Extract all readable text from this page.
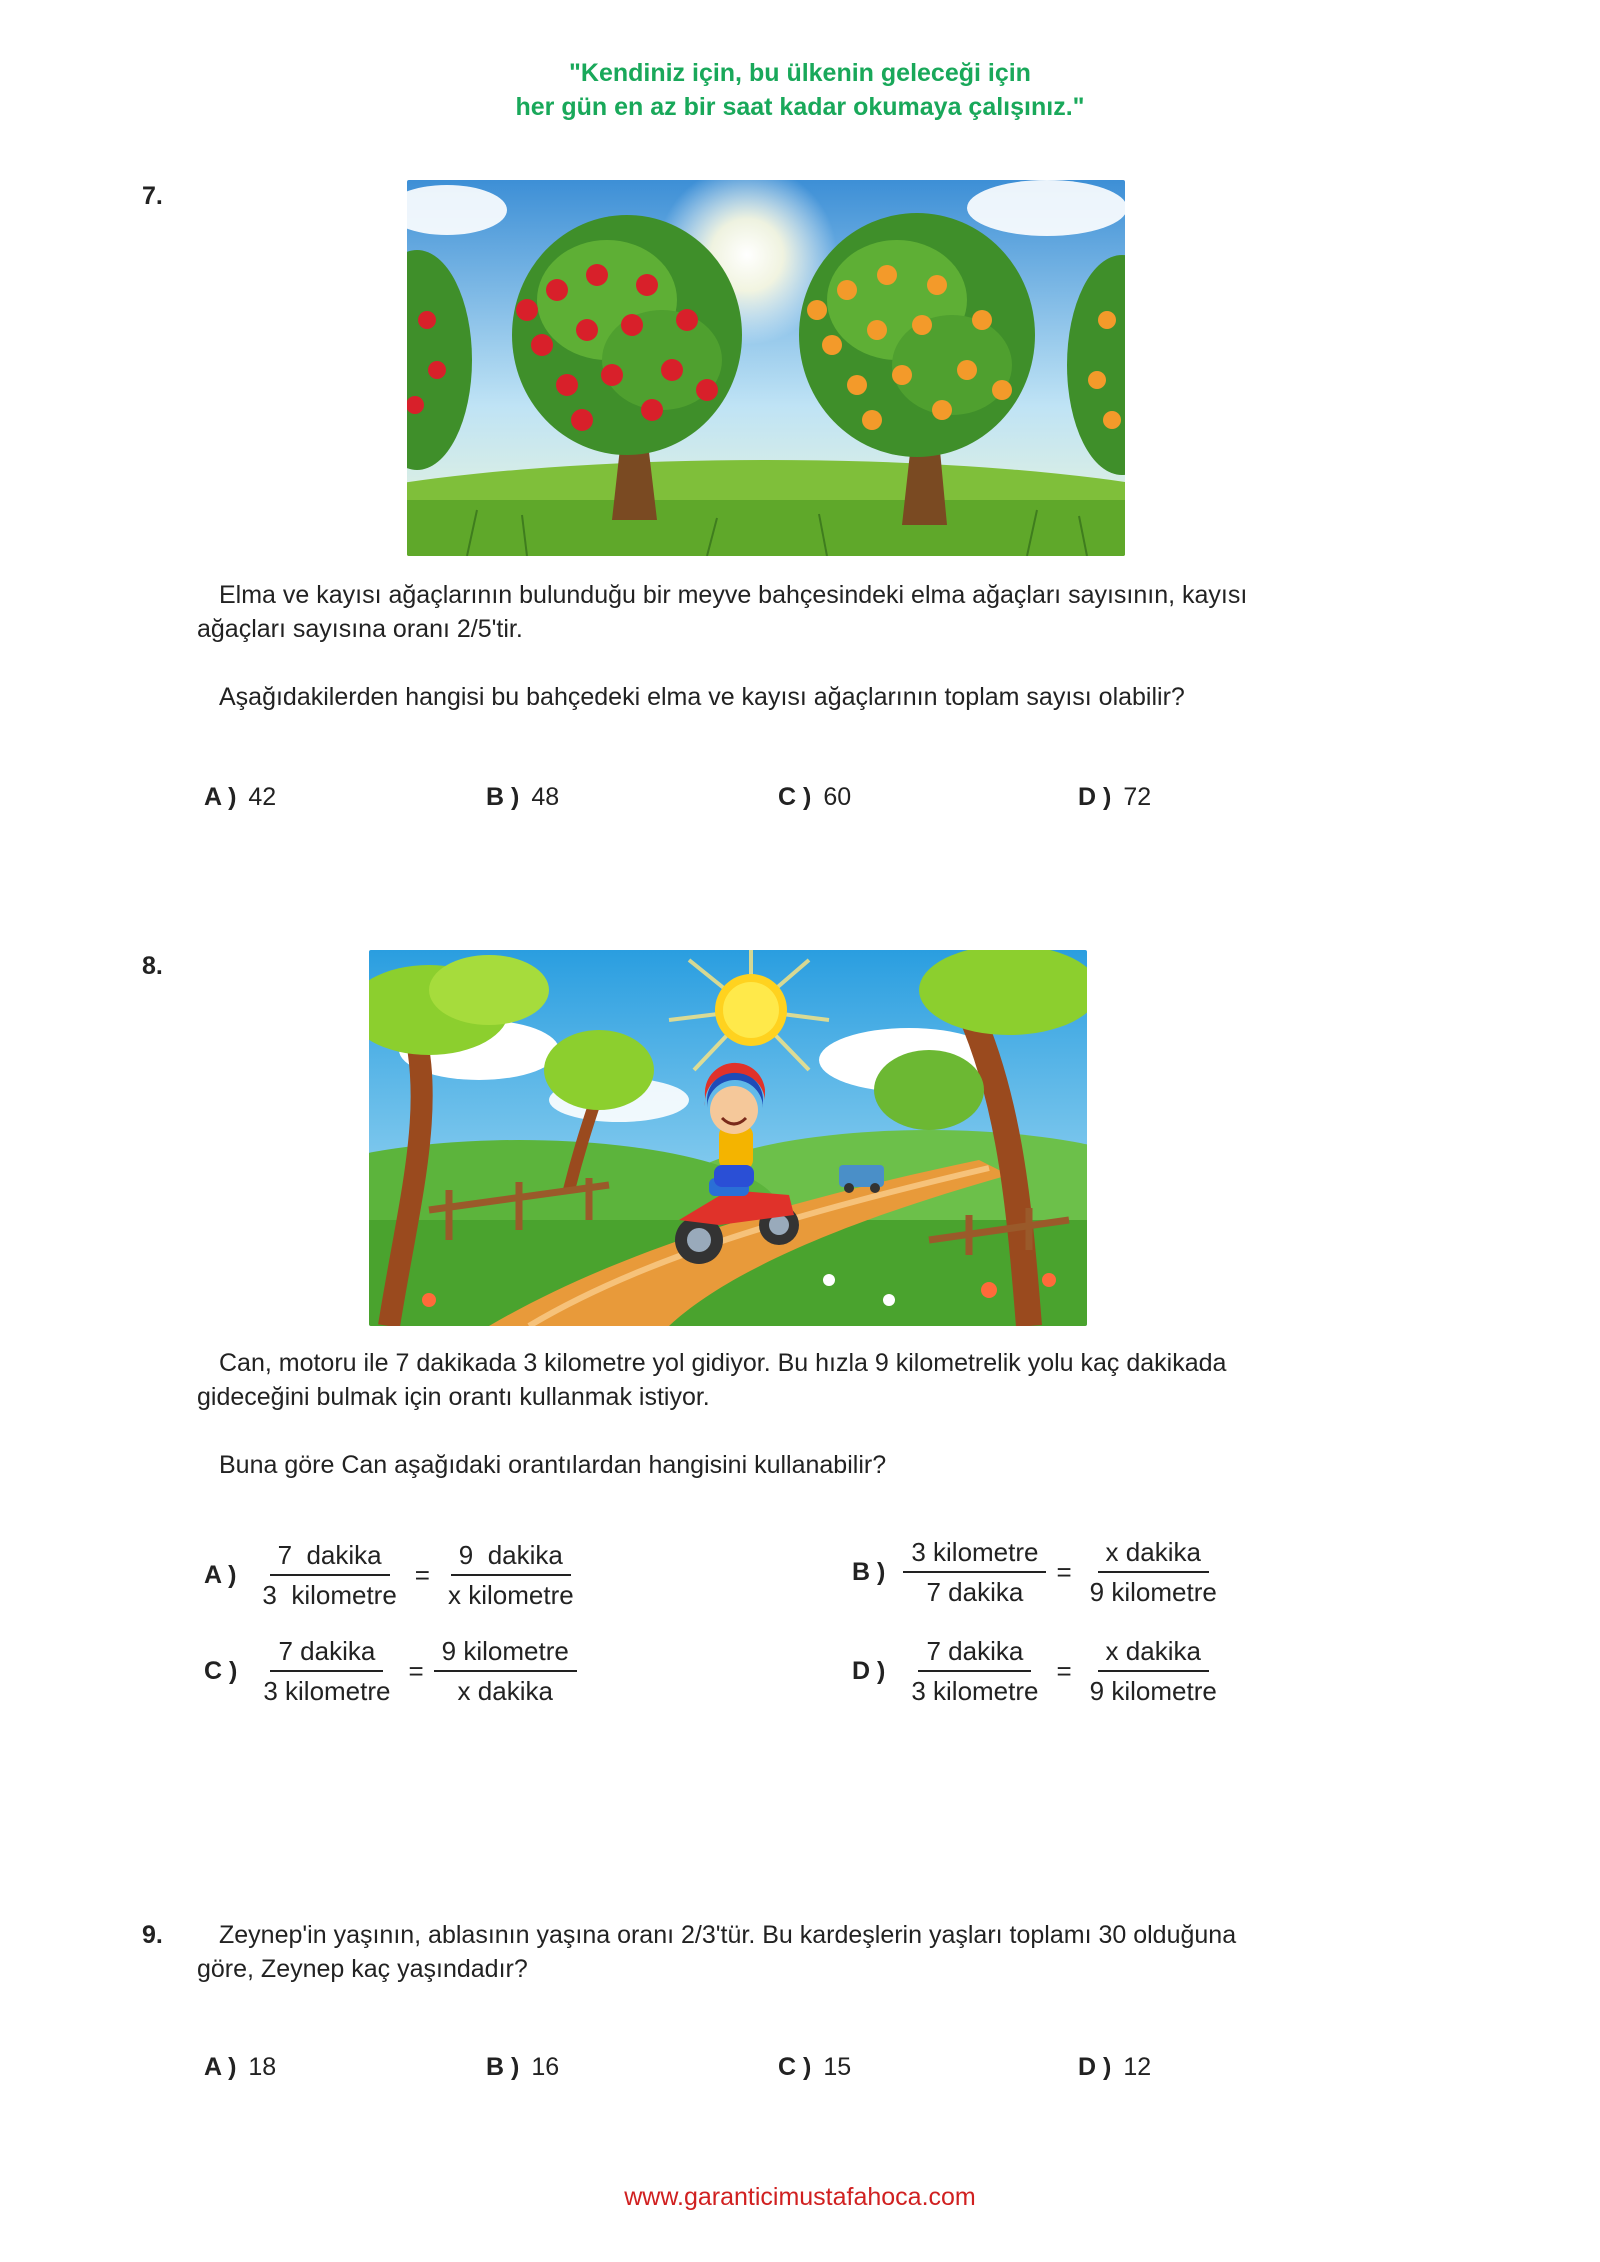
"Kendiniz için, bu ülkenin geleceği için
her gün en az bir saat kadar okumaya çalışınız."
7.
Elma ve kayısı ağaçlarının bulunduğu bir meyve bahçesindeki elma ağaçları sayısının, kayısı
ağaçları sayısına oranı 2/5'tir.
Aşağıdakilerden hangisi bu bahçedeki elma ve kayısı ağaçlarının toplam sayısı olabilir?
A ) 42	B ) 48	C ) 60	D ) 72
8.
Can, motoru ile 7 dakikada 3 kilometre yol gidiyor. Bu hızla 9 kilometrelik yolu kaç dakikada
gideceğini bulmak için orantı kullanmak istiyor.
Buna göre Can aşağıdaki orantılardan hangisini kullanabilir?
A ) $\frac{\text{7  dakika}}{\text{3  kilometre}} = \frac{\text{9  dakika}}{\text{x kilometre}}$	B ) $\frac{\text{3 kilometre}}{\text{7 dakika}} = \frac{\text{x dakika}}{\text{9 kilometre}}$
C ) $\frac{\text{7 dakika}}{\text{3 kilometre}} = \frac{\text{9 kilometre}}{\text{x dakika}}$	D ) $\frac{\text{7 dakika}}{\text{3 kilometre}} = \frac{\text{x dakika}}{\text{9 kilometre}}$
9.	Zeynep'in yaşının, ablasının yaşına oranı 2/3'tür. Bu kardeşlerin yaşları toplamı 30 olduğuna
göre, Zeynep kaç yaşındadır?
A ) 18	B ) 16	C ) 15	D ) 12
www.garanticimustafahoca.com
